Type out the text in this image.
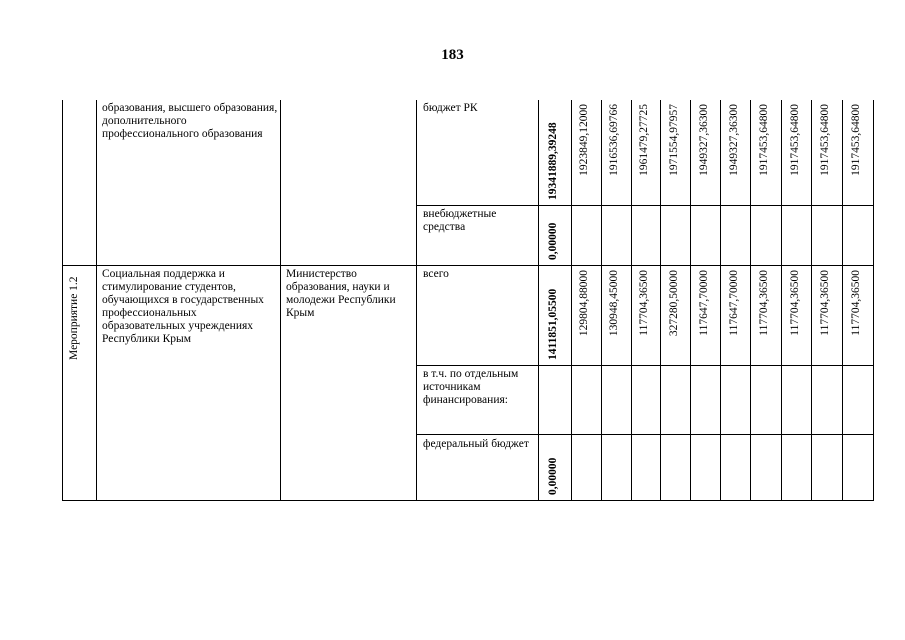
183
образования, высшего образования, дополнительного профессионального образования
бюджет РК
внебюджетные средства
Мероприятие 1.2
Социальная поддержка и стимулирование студентов, обучающихся в государственных профессиональных образовательных учреждениях Республики Крым
Министерство образования, науки и молодежи Республики Крым
всего
в т.ч. по отдельным источникам финансирования:
федеральный бюджет
19341889,39248
0,00000
1411851,05500
0,00000
1923849,12000 1916536,69766 1961479,27725 1971554,97957 1949327,36300 1949327,36300 1917453,64800 1917453,64800 1917453,64800 1917453,64800
129804,88000 130948,45000 117704,36500 327280,50000 117647,70000 117647,70000 117704,36500 117704,36500 117704,36500 117704,36500
